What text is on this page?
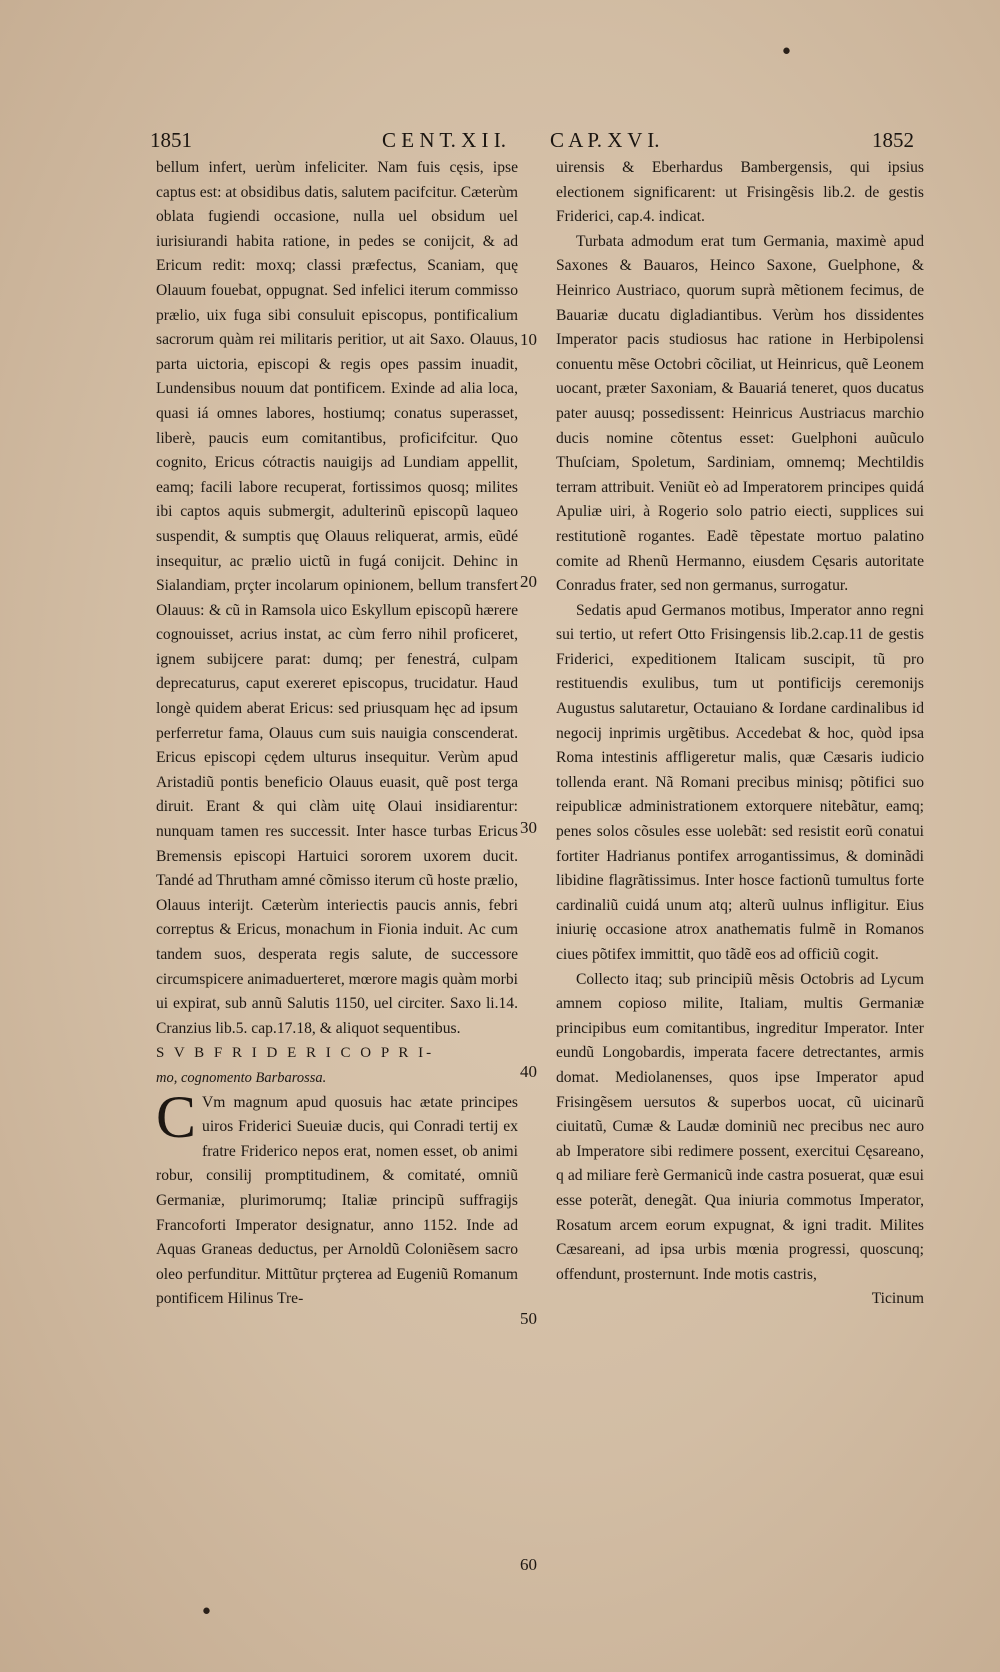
1851	C E N T. X I I. C A P. X V I.	1852

bellum infert, uerùm infeliciter. Nam fuis cęsis, ipse captus est: at obsidibus datis, salutem pacifcitur. Cæterùm oblata fugiendi occasione, nulla uel obsidum uel iurisiurandi habita ratione, in pedes se conijcit, & ad Ericum redit: moxq; classi præfectus, Scaniam, quę Olauum fouebat, oppugnat. Sed infelici iterum commisso prælio, uix fuga sibi consuluit episcopus, pontificalium sacrorum quàm rei militaris peritior, ut ait Saxo. Olauus, parta uictoria, episcopi & regis opes passim inuadit, Lundensibus nouum dat pontificem. Exinde ad alia loca, quasi iá omnes labores, hostiumq; conatus superasset, liberè, paucis eum comitantibus, proficifcitur. Quo cognito, Ericus cótractis nauigijs ad Lundiam appellit, eamq; facili labore recuperat, fortissimos quosq; milites ibi captos aquis submergit, adulterinũ episcopũ laqueo suspendit, & sumptis quę Olauus reliquerat, armis, eũdé insequitur, ac prælio uictũ in fugá conijcit. Dehinc in Sialandiam, prçter incolarum opinionem, bellum transfert Olauus: & cũ in Ramsola uico Eskyllum episcopũ hærere cognouisset, acrius instat, ac cùm ferro nihil proficeret, ignem subijcere parat: dumq; per fenestrá, culpam deprecaturus, caput exereret episcopus, trucidatur. Haud longè quidem aberat Ericus: sed priusquam hęc ad ipsum perferretur fama, Olauus cum suis nauigia conscenderat. Ericus episcopi cędem ulturus insequitur. Verùm apud Aristadiũ pontis beneficio Olauus euasit, quẽ post terga diruit. Erant & qui clàm uitę Olaui insidiarentur: nunquam tamen res successit. Inter hasce turbas Ericus Bremensis episcopi Hartuici sororem uxorem ducit. Tandé ad Thrutham amné cõmisso iterum cũ hoste prælio, Olauus interijt. Cæterùm interiectis paucis annis, febri correptus & Ericus, monachum in Fionia induit. Ac cum tandem suos, desperata regis salute, de successore circumspicere animaduerteret, mœrore magis quàm morbi ui expirat, sub annũ Salutis 1150, uel circiter. Saxo li.14. Cranzius lib.5. cap.17.18, & aliquot sequentibus.

S V B F R I D E R I C O P R I-

mo, cognomento Barbarossa.

C Vm magnum apud quosuis hac ætate principes uiros Friderici Sueuiæ ducis, qui Conradi tertij ex fratre Friderico nepos erat, nomen esset, ob animi robur, consilij promptitudinem, & comitaté, omniũ Germaniæ, plurimorumq; Italiæ principũ suffragijs Francoforti Imperator designatur, anno 1152. Inde ad Aquas Graneas deductus, per Arnoldũ Coloniẽsem sacro oleo perfunditur. Mittũtur prçterea ad Eugeniũ Romanum pontificem Hilinus Tre-

uirensis & Eberhardus Bambergensis, qui ipsius electionem significarent: ut Frisingẽsis lib.2. de gestis Friderici, cap.4. indicat.

Turbata admodum erat tum Germania, maximè apud Saxones & Bauaros, Heinco Saxone, Guelphone, & Heinrico Austriaco, quorum suprà mẽtionem fecimus, de Bauariæ ducatu digladiantibus. Verùm hos dissidentes Imperator pacis studiosus hac ratione in Herbipolensi conuentu mẽse Octobri cõciliat, ut Heinricus, quẽ Leonem uocant, præter Saxoniam, & Bauariá teneret, quos ducatus pater auusq; possedissent: Heinricus Austriacus marchio ducis nomine cõtentus esset: Guelphoni auũculo Thuſciam, Spoletum, Sardiniam, omnemq; Mechtildis terram attribuit. Veniũt eò ad Imperatorem principes quidá Apuliæ uiri, à Rogerio solo patrio eiecti, supplices sui restitutionẽ rogantes. Eadẽ tẽpestate mortuo palatino comite ad Rhenũ Hermanno, eiusdem Cęsaris autoritate Conradus frater, sed non germanus, surrogatur.

Sedatis apud Germanos motibus, Imperator anno regni sui tertio, ut refert Otto Frisingensis lib.2.cap.11 de gestis Friderici, expeditionem Italicam suscipit, tũ pro restituendis exulibus, tum ut pontificijs ceremonijs Augustus salutaretur, Octauiano & Iordane cardinalibus id negocij inprimis urgẽtibus. Accedebat & hoc, quòd ipsa Roma intestinis affligeretur malis, quæ Cæsaris iudicio tollenda erant. Nã Romani precibus minisq; põtifici suo reipublicæ administrationem extorquere nitebãtur, eamq; penes solos cõsules esse uolebãt: sed resistit eorũ conatui fortiter Hadrianus pontifex arrogantissimus, & dominãdi libidine flagrãtissimus. Inter hosce factionũ tumultus forte cardinaliũ cuidá unum atq; alterũ uulnus infligitur. Eius iniurię occasione atrox anathematis fulmẽ in Romanos ciues põtifex immittit, quo tãdẽ eos ad officiũ cogit.

Collecto itaq; sub principiũ mẽsis Octobris ad Lycum amnem copioso milite, Italiam, multis Germaniæ principibus eum comitantibus, ingreditur Imperator. Inter eundũ Longobardis, imperata facere detrectantes, armis domat. Mediolanenses, quos ipse Imperator apud Frisingẽsem uersutos & superbos uocat, cũ uicinarũ ciuitatũ, Cumæ & Laudæ dominiũ nec precibus nec auro ab Imperatore sibi redimere possent, exercitui Cęsareano, q ad miliare ferè Germanicũ inde castra posuerat, quæ esui esse poterãt, denegãt. Qua iniuria commotus Imperator, Rosatum arcem eorum expugnat, & igni tradit. Milites Cæsareani, ad ipsa urbis mœnia progressi, quoscunq; offendunt, prosternunt. Inde motis castris,

Ticinum

10
20
30
40
50
60
•
•
